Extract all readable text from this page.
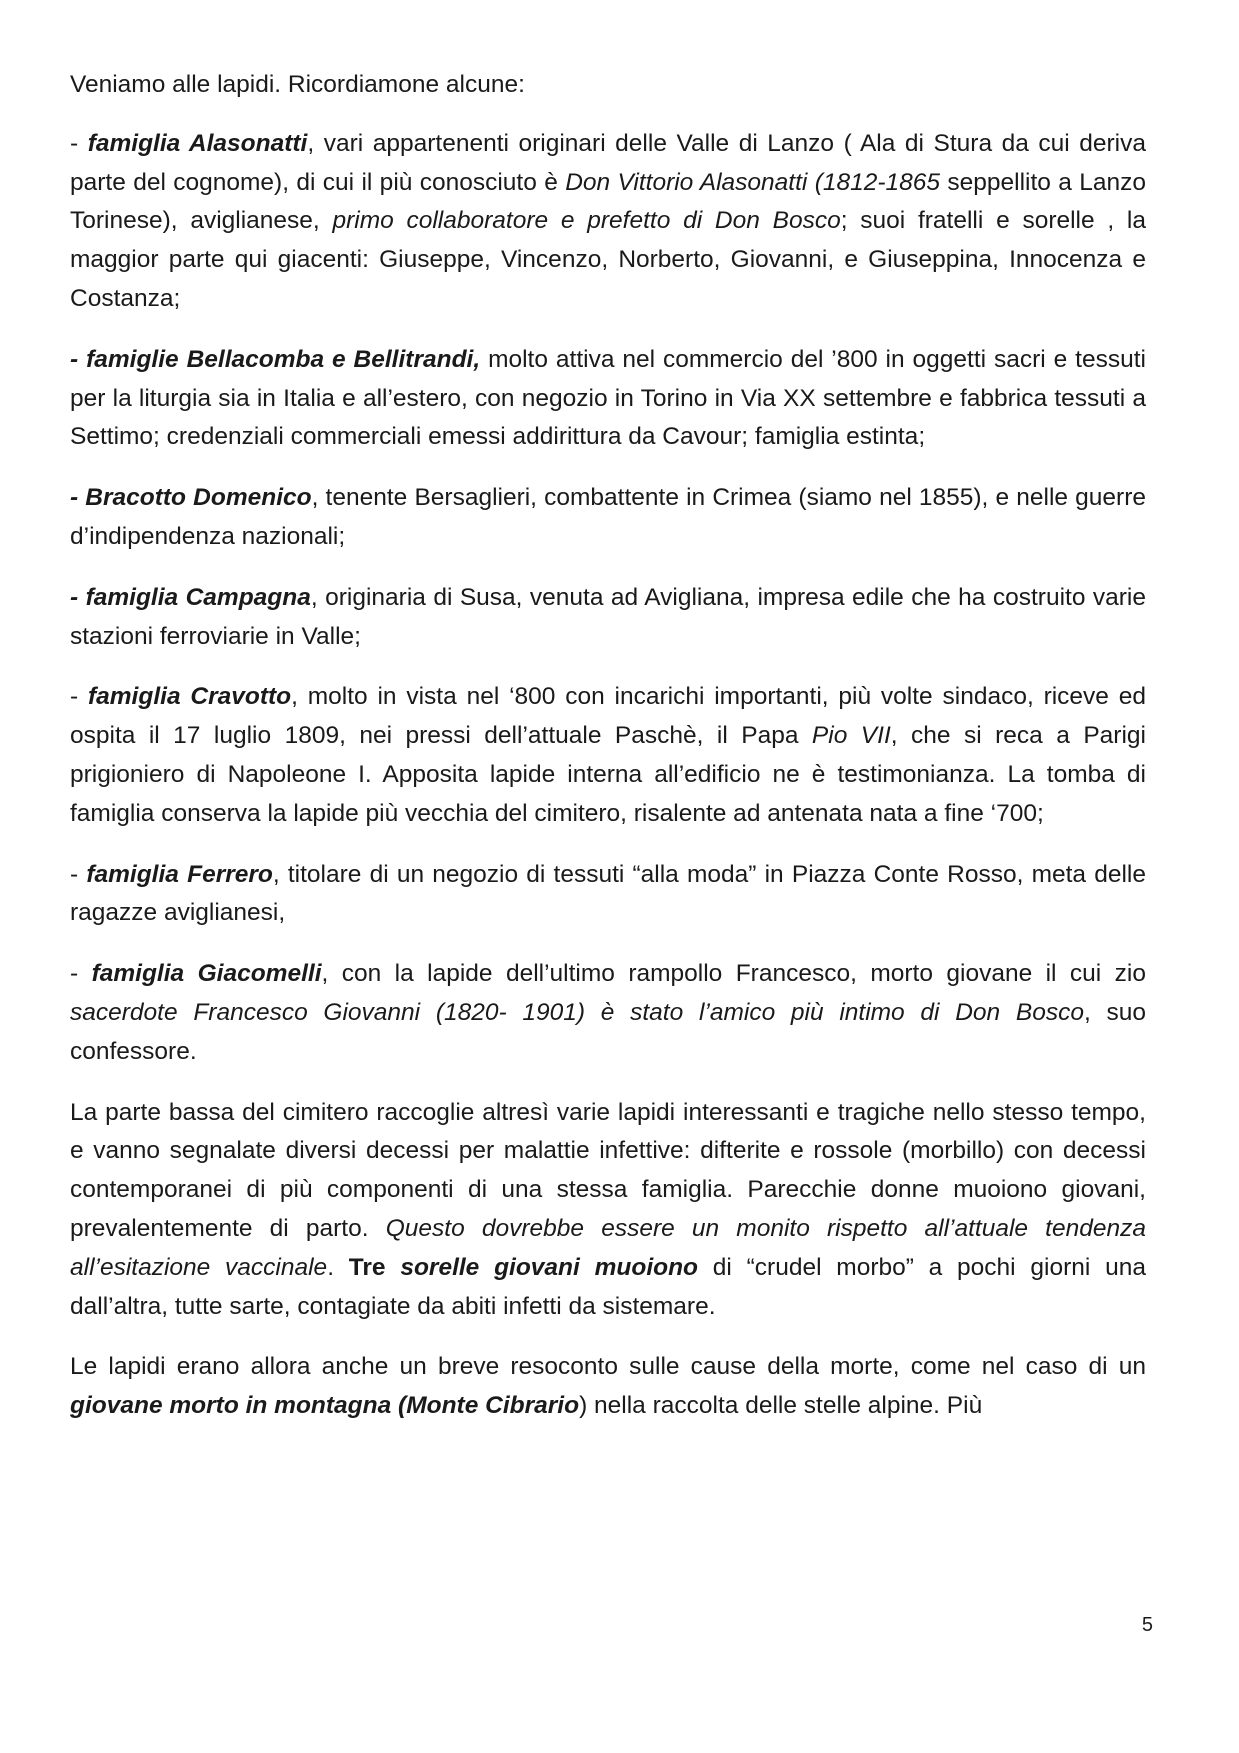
Veniamo alle lapidi. Ricordiamone alcune:

- famiglia Alasonatti, vari appartenenti originari delle Valle di Lanzo ( Ala di Stura da cui deriva parte del cognome), di cui il più conosciuto è Don Vittorio Alasonatti (1812-1865 seppellito a Lanzo Torinese), aviglianese, primo collaboratore e prefetto di Don Bosco; suoi fratelli e sorelle , la maggior parte qui giacenti: Giuseppe, Vincenzo, Norberto, Giovanni, e Giuseppina, Innocenza e Costanza;

- famiglie Bellacomba e Bellitrandi, molto attiva nel commercio del ’800 in oggetti sacri e tessuti per la liturgia sia in Italia e all’estero, con negozio in Torino in Via XX settembre e fabbrica tessuti a Settimo; credenziali commerciali emessi addirittura da Cavour; famiglia estinta;

- Bracotto Domenico, tenente Bersaglieri, combattente in Crimea (siamo nel 1855), e nelle guerre d’indipendenza nazionali;

- famiglia Campagna, originaria di Susa, venuta ad Avigliana, impresa edile che ha costruito varie stazioni ferroviarie in Valle;

- famiglia Cravotto, molto in vista nel ‘800 con incarichi importanti, più volte sindaco, riceve ed ospita il 17 luglio 1809, nei pressi dell’attuale Paschè, il Papa Pio VII, che si reca a Parigi prigioniero di Napoleone I. Apposita lapide interna all’edificio ne è testimonianza. La tomba di famiglia conserva la lapide più vecchia del cimitero, risalente ad antenata nata a fine ‘700;

- famiglia Ferrero, titolare di un negozio di tessuti “alla moda” in Piazza Conte Rosso, meta delle ragazze aviglianesi,

- famiglia Giacomelli, con la lapide dell’ultimo rampollo Francesco, morto giovane il cui zio sacerdote Francesco Giovanni (1820- 1901) è stato l’amico più intimo di Don Bosco, suo confessore.

La parte bassa del cimitero raccoglie altresì varie lapidi interessanti e tragiche nello stesso tempo, e vanno segnalate diversi decessi per malattie infettive: difterite e rossole (morbillo) con decessi contemporanei di più componenti di una stessa famiglia. Parecchie donne muoiono giovani, prevalentemente di parto. Questo dovrebbe essere un monito rispetto all’attuale tendenza all’esitazione vaccinale. Tre sorelle giovani muoiono di “crudel morbo” a pochi giorni una dall’altra, tutte sarte, contagiate da abiti infetti da sistemare.

Le lapidi erano allora anche un breve resoconto sulle cause della morte, come nel caso di un giovane morto in montagna (Monte Cibrario) nella raccolta delle stelle alpine. Più

5
